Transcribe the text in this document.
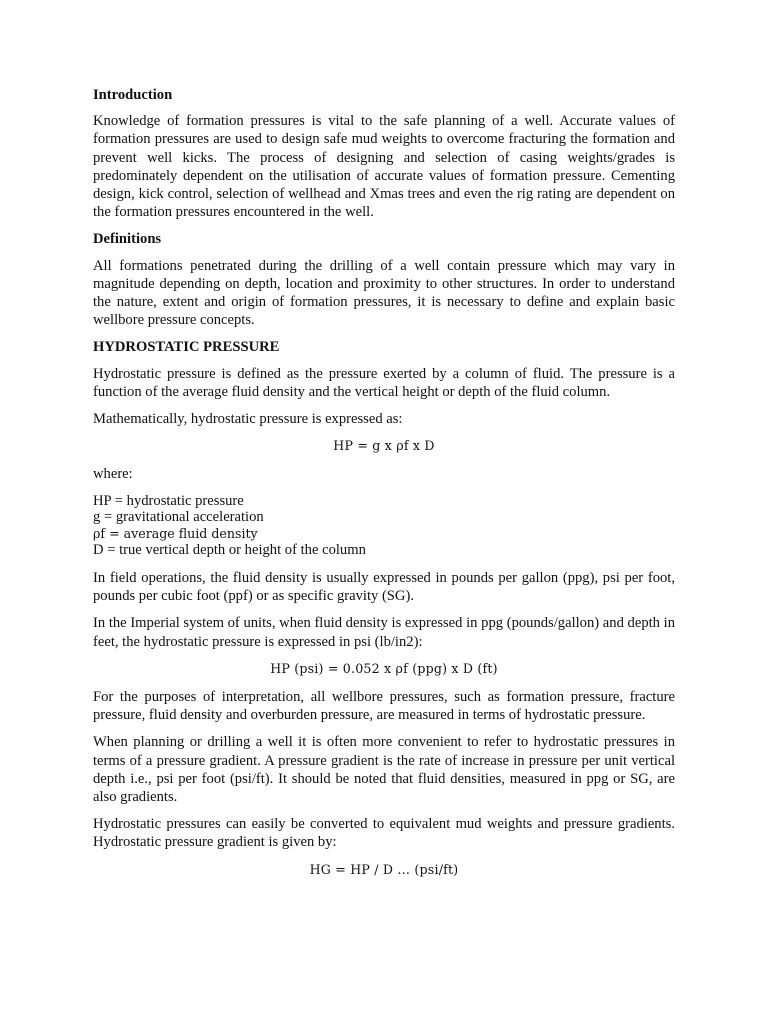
Introduction

Knowledge of formation pressures is vital to the safe planning of a well. Accurate values of formation pressures are used to design safe mud weights to overcome fracturing the formation and prevent well kicks. The process of designing and selection of casing weights/grades is predominately dependent on the utilisation of accurate values of formation pressure. Cementing design, kick control, selection of wellhead and Xmas trees and even the rig rating are dependent on the formation pressures encountered in the well.

Definitions

All formations penetrated during the drilling of a well contain pressure which may vary in magnitude depending on depth, location and proximity to other structures. In order to understand the nature, extent and origin of formation pressures, it is necessary to define and explain basic wellbore pressure concepts.

HYDROSTATIC PRESSURE

Hydrostatic pressure is defined as the pressure exerted by a column of fluid. The pressure is a function of the average fluid density and the vertical height or depth of the fluid column.

Mathematically, hydrostatic pressure is expressed as:

HP = g x ρf x D

where:

HP = hydrostatic pressure
g = gravitational acceleration
ρf = average fluid density
D = true vertical depth or height of the column

In field operations, the fluid density is usually expressed in pounds per gallon (ppg), psi per foot, pounds per cubic foot (ppf) or as specific gravity (SG).

In the Imperial system of units, when fluid density is expressed in ppg (pounds/gallon) and depth in feet, the hydrostatic pressure is expressed in psi (lb/in2):

HP (psi) = 0.052 x ρf (ppg) x D (ft)

For the purposes of interpretation, all wellbore pressures, such as formation pressure, fracture pressure, fluid density and overburden pressure, are measured in terms of hydrostatic pressure.

When planning or drilling a well it is often more convenient to refer to hydrostatic pressures in terms of a pressure gradient. A pressure gradient is the rate of increase in pressure per unit vertical depth i.e., psi per foot (psi/ft). It should be noted that fluid densities, measured in ppg or SG, are also gradients.

Hydrostatic pressures can easily be converted to equivalent mud weights and pressure gradients. Hydrostatic pressure gradient is given by:

HG = HP / D … (psi/ft)
